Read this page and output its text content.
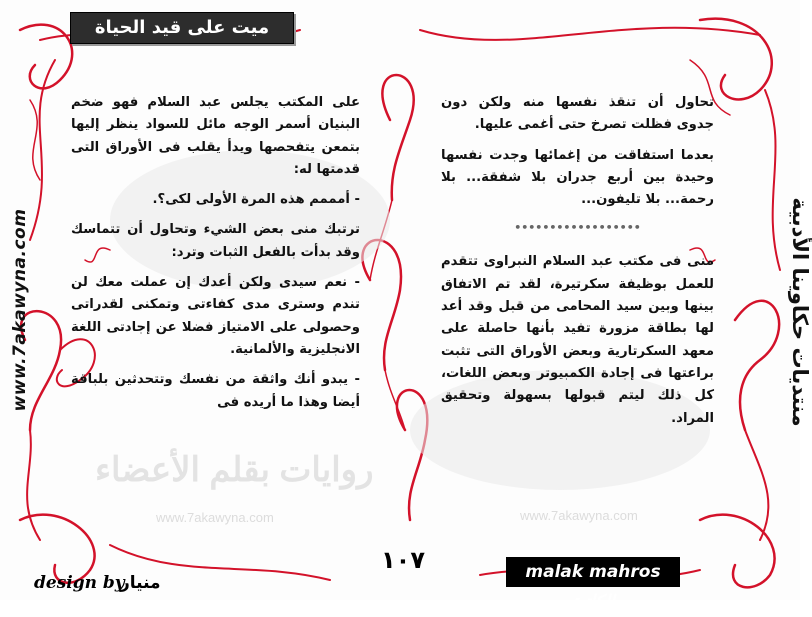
www.7akawyna.com	www.7akawyna.com
روايات بقلم الأعضاء
ميت على قيد الحياة
www.7akawyna.com	منتديات حكاوينا الأدبية

تحاول أن تنقذ نفسها منه ولكن دون جدوى فظلت تصرخ حتى أغمى عليها.

بعدما استفاقت من إغمائها وجدت نفسها وحيدة بين أربع جدران بلا شفقة... بلا رحمة... بلا تليفون...

••••••••••••••••••

منى فى مكتب عبد السلام النبراوى تتقدم للعمل بوظيفة سكرتيرة، لقد تم الاتفاق بينها وبين سيد المحامى من قبل وقد أعد لها بطاقة مزورة تفيد بأنها حاصلة على معهد السكرتارية وبعض الأوراق التى تثبت براعتها فى إجادة الكمبيوتر وبعض اللغات، كل ذلك ليتم قبولها بسهولة وتحقيق المراد.

على المكتب يجلس عبد السلام فهو ضخم البنيان أسمر الوجه مائل للسواد ينظر إليها بتمعن يتفحصها ويدأ يقلب فى الأوراق التى قدمتها له:

- أمممم هذه المرة الأولى لكى؟.

ترتبك منى بعض الشيء وتحاول أن تتماسك وقد بدأت بالفعل الثبات وترد:

- نعم سيدى ولكن أعدك إن عملت معك لن تندم وسترى مدى كفاءتى وتمكنى لقدراتى وحصولى على الامتياز فضلا عن إجادتى اللغة الانجليزية والألمانية.

- يبدو أنك واثقة من نفسك وتتحدثين بلباقة أيضا وهذا ما أريده فى

١٠٧	malak mahros الكاتبة
design by
منيار
